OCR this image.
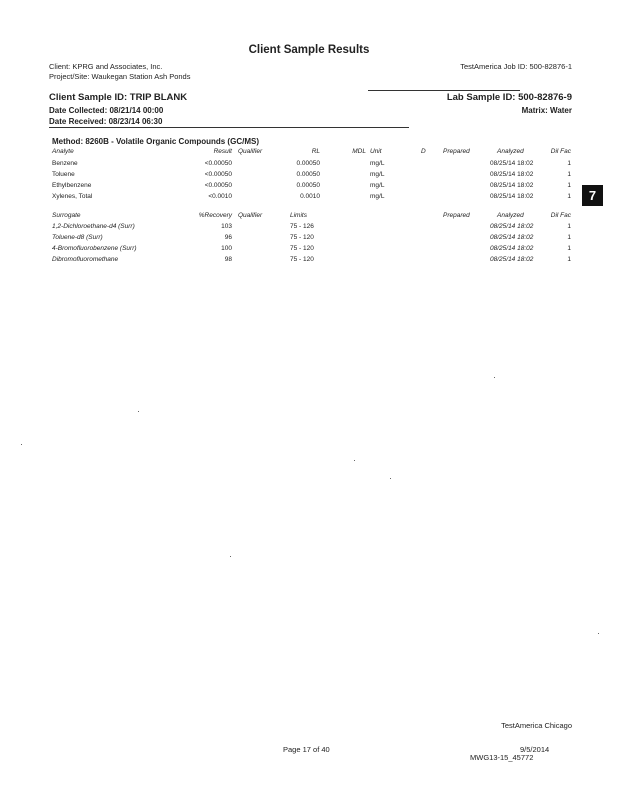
Client Sample Results
Client: KPRG and Associates, Inc.	TestAmerica Job ID: 500-82876-1
Project/Site: Waukegan Station Ash Ponds
Client Sample ID: TRIP BLANK	Lab Sample ID: 500-82876-9
Date Collected: 08/21/14 00:00	Matrix: Water
Date Received: 08/23/14 06:30
Method: 8260B - Volatile Organic Compounds (GC/MS)
Analyte	Result Qualifier	RL	MDL Unit	D	Prepared	Analyzed	Dil Fac
Benzene	<0.00050	0.00050	mg/L	08/25/14 18:02	1
Toluene	<0.00050	0.00050	mg/L	08/25/14 18:02	1
Ethylbenzene	<0.00050	0.00050	mg/L	08/25/14 18:02	1
Xylenes, Total	<0.0010	0.0010	mg/L	08/25/14 18:02	1
Surrogate	%Recovery Qualifier	Limits	Prepared	Analyzed	Dil Fac
1,2-Dichloroethane-d4 (Surr)	103	75 - 126	08/25/14 18:02	1
Toluene-d8 (Surr)	96	75 - 120	08/25/14 18:02	1
4-Bromofluorobenzene (Surr)	100	75 - 120	08/25/14 18:02	1
Dibromofluoromethane	98	75 - 120	08/25/14 18:02	1
7
TestAmerica Chicago
Page 17 of 40	9/5/2014
MWG13-15_45772
